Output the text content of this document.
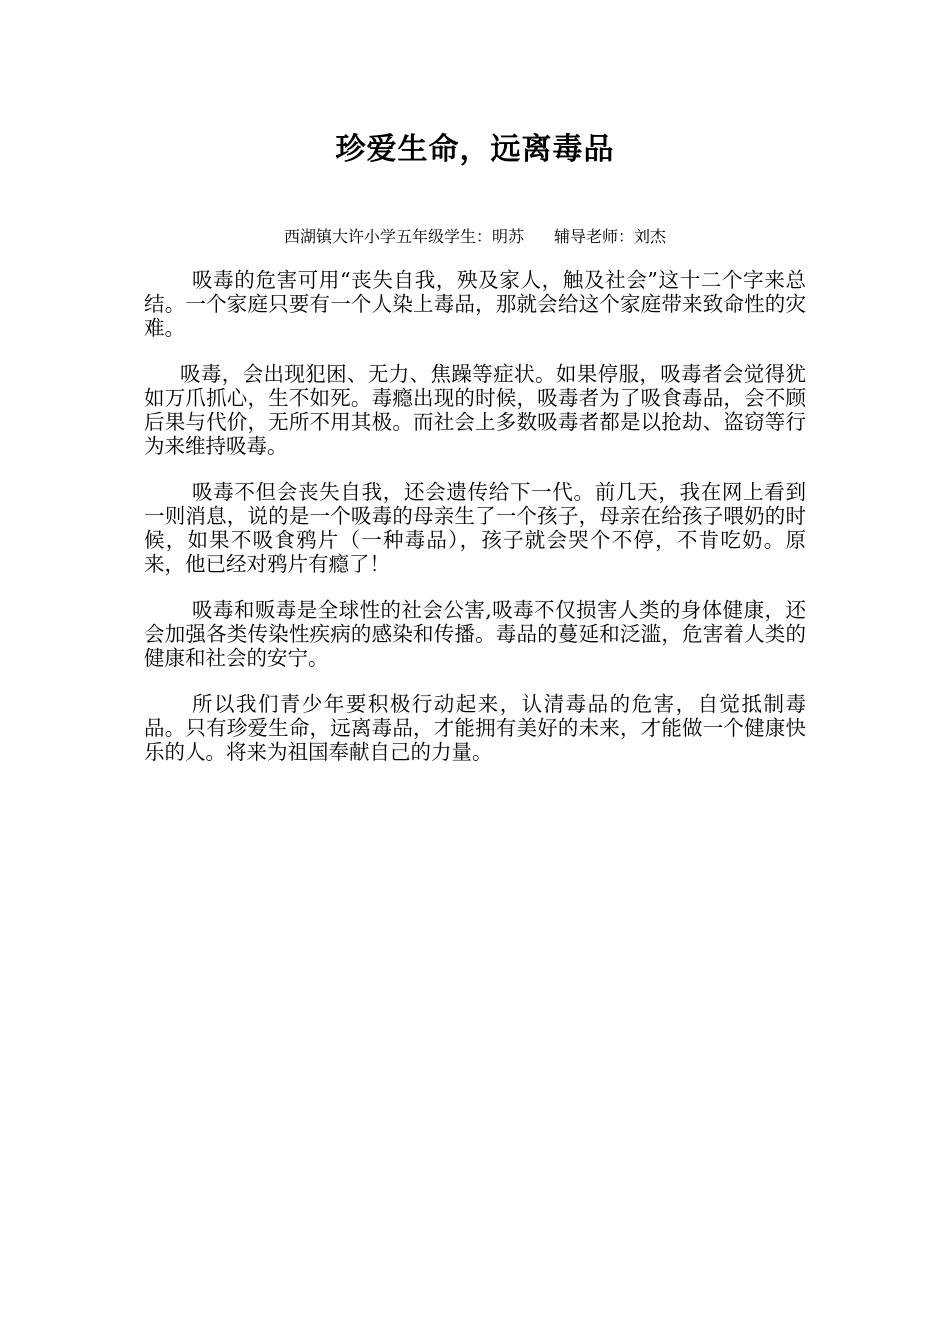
珍爱生命，远离毒品
西湖镇大许小学五年级学生：明苏 辅导老师：刘杰

吸毒的危害可用“丧失自我，殃及家人，触及社会”这十二个字来总结。一个家庭只要有一个人染上毒品，那就会给这个家庭带来致命性的灾难。

吸毒，会出现犯困、无力、焦躁等症状。如果停服，吸毒者会觉得犹如万爪抓心，生不如死。毒瘾出现的时候，吸毒者为了吸食毒品，会不顾后果与代价，无所不用其极。而社会上多数吸毒者都是以抢劫、盗窃等行为来维持吸毒。

吸毒不但会丧失自我，还会遗传给下一代。前几天，我在网上看到一则消息，说的是一个吸毒的母亲生了一个孩子，母亲在给孩子喂奶的时候，如果不吸食鸦片（一种毒品），孩子就会哭个不停，不肯吃奶。原来，他已经对鸦片有瘾了！

吸毒和贩毒是全球性的社会公害,吸毒不仅损害人类的身体健康，还会加强各类传染性疾病的感染和传播。毒品的蔓延和泛滥，危害着人类的健康和社会的安宁。

所以我们青少年要积极行动起来，认清毒品的危害，自觉抵制毒品。只有珍爱生命，远离毒品，才能拥有美好的未来，才能做一个健康快乐的人。将来为祖国奉献自己的力量。
